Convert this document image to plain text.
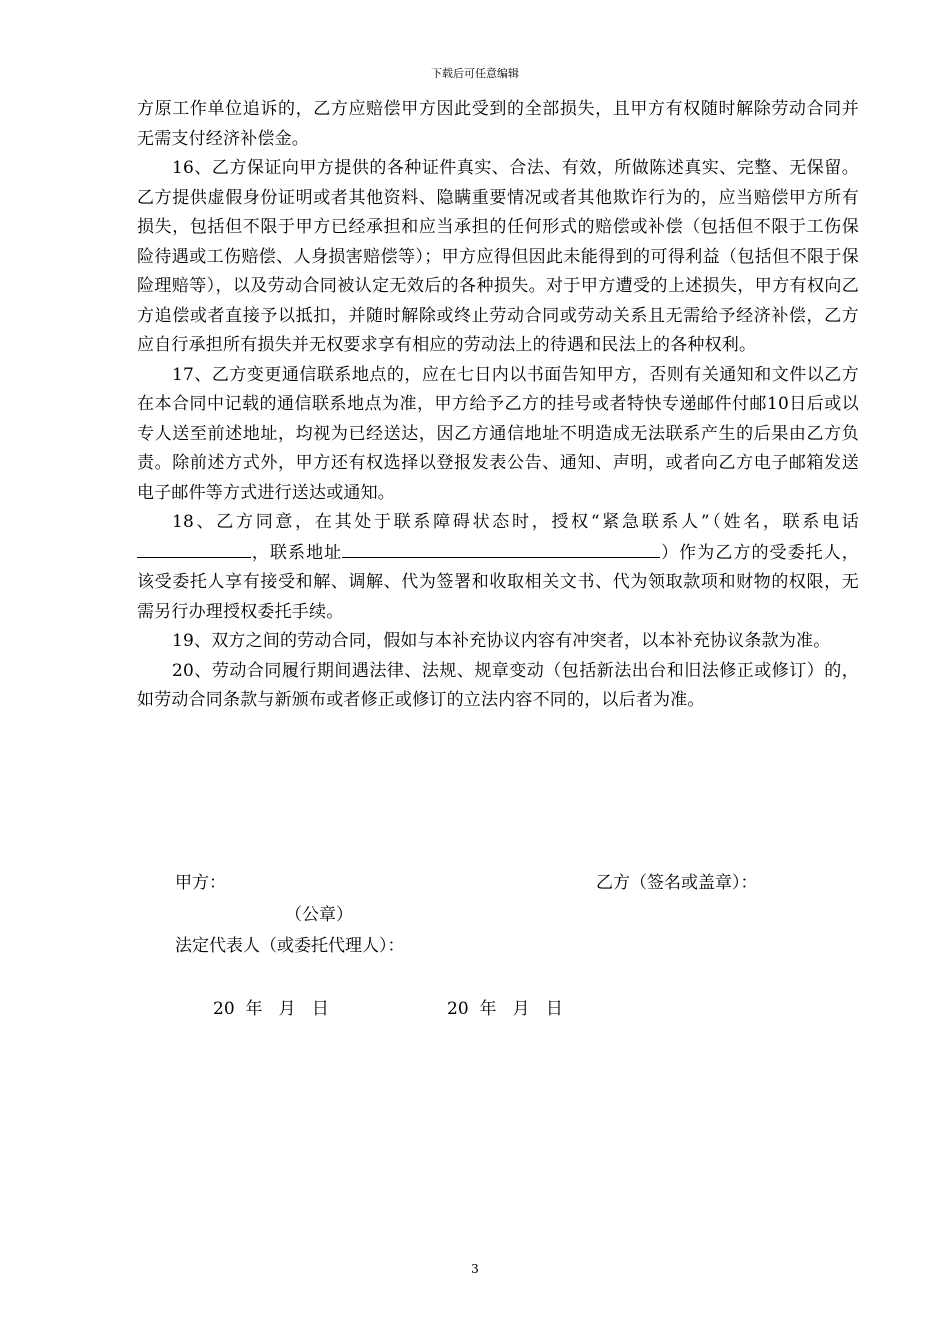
下载后可任意编辑

方原工作单位追诉的，乙方应赔偿甲方因此受到的全部损失，且甲方有权随时解除劳动合同并无需支付经济补偿金。

16、乙方保证向甲方提供的各种证件真实、合法、有效，所做陈述真实、完整、无保留。乙方提供虚假身份证明或者其他资料、隐瞒重要情况或者其他欺诈行为的，应当赔偿甲方所有损失，包括但不限于甲方已经承担和应当承担的任何形式的赔偿或补偿（包括但不限于工伤保险待遇或工伤赔偿、人身损害赔偿等）；甲方应得但因此未能得到的可得利益（包括但不限于保险理赔等），以及劳动合同被认定无效后的各种损失。对于甲方遭受的上述损失，甲方有权向乙方追偿或者直接予以抵扣，并随时解除或终止劳动合同或劳动关系且无需给予经济补偿，乙方应自行承担所有损失并无权要求享有相应的劳动法上的待遇和民法上的各种权利。

17、乙方变更通信联系地点的，应在七日内以书面告知甲方，否则有关通知和文件以乙方在本合同中记载的通信联系地点为准，甲方给予乙方的挂号或者特快专递邮件付邮10日后或以专人送至前述地址，均视为已经送达，因乙方通信地址不明造成无法联系产生的后果由乙方负责。除前述方式外，甲方还有权选择以登报发表公告、通知、声明，或者向乙方电子邮箱发送电子邮件等方式进行送达或通知。

18、乙方同意，在其处于联系障碍状态时，授权“紧急联系人”（姓名，联系电话，联系地址	）作为乙方的受委托人，该受委托人享有接受和解、调解、代为签署和收取相关文书、代为领取款项和财物的权限，无需另行办理授权委托手续。

19、双方之间的劳动合同，假如与本补充协议内容有冲突者，以本补充协议条款为准。

20、劳动合同履行期间遇法律、法规、规章变动（包括新法出台和旧法修正或修订）的，如劳动合同条款与新颁布或者修正或修订的立法内容不同的，以后者为准。

甲方：	乙方（签名或盖章）：
（公章）
法定代表人（或委托代理人）：
20  年   月   日	20  年   月   日
3
